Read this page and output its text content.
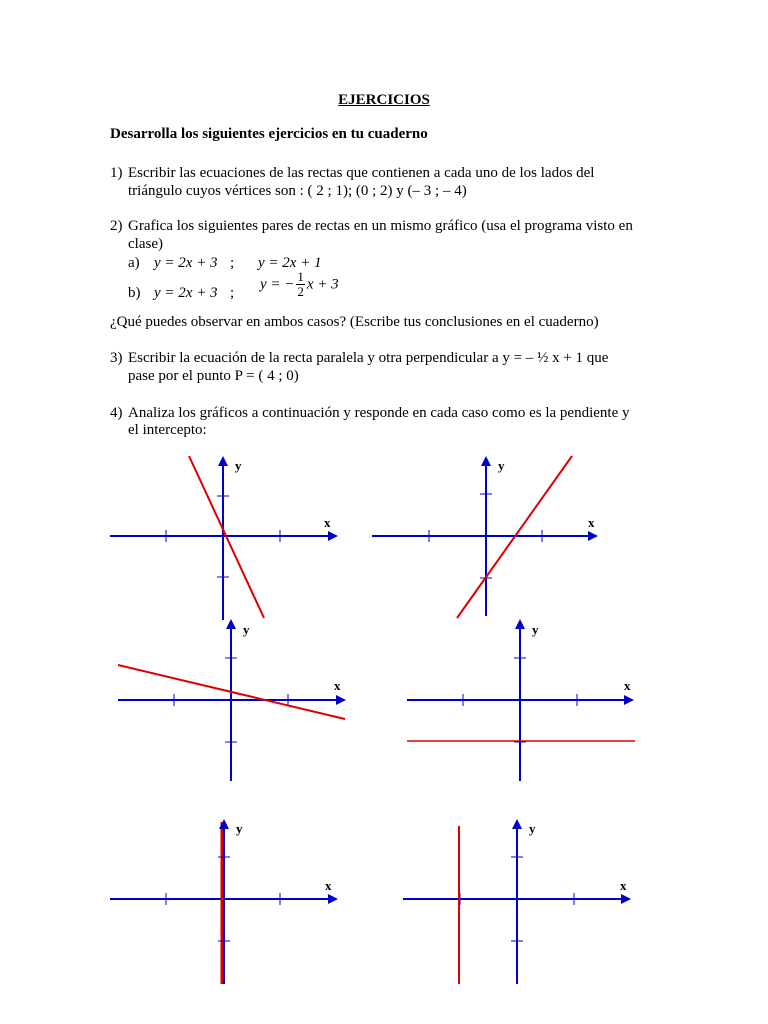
EJERCICIOS
Desarrolla los siguientes ejercicios en tu cuaderno
1) Escribir las ecuaciones de las rectas que contienen a cada uno de los lados del
triángulo cuyos vértices son : ( 2 ; 1); (0 ; 2) y (– 3 ; – 4)
2) Grafica los siguientes pares de rectas en un mismo gráfico (usa el programa visto en
clase)
a) y = 2x + 3 ; y = 2x + 1
b) y = 2x + 3 ;
y = − $\frac{1}{2}$ x + 3
¿Qué puedes observar en ambos casos? (Escribe tus conclusiones en el cuaderno)
3) Escribir la ecuación de la recta paralela y otra perpendicular a y = – ½ x + 1 que
pase por el punto P = ( 4 ; 0)
4) Analiza los gráficos a continuación y responde en cada caso como es la pendiente y
el intercepto:
x
y
x
y
x
y
x
y
x
y
x
y
